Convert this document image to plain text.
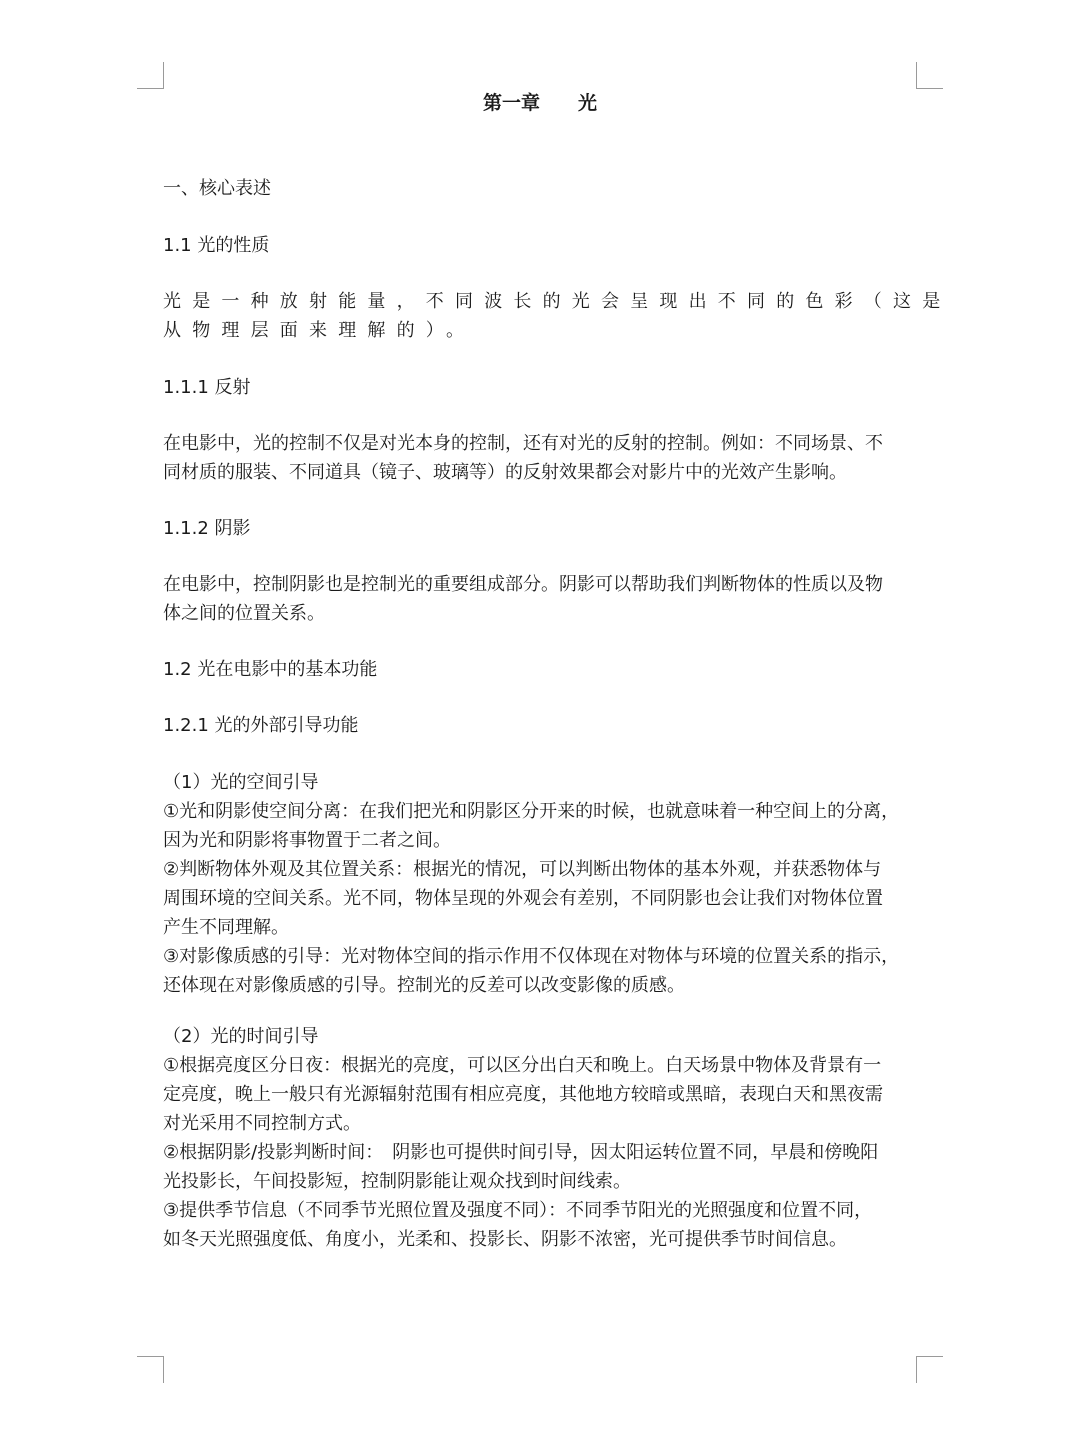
第一章　　光

一、核心表述

1.1 光的性质

光是一种放射能量，不同波长的光会呈现出不同的色彩（这是
从物理层面来理解的）。

1.1.1 反射

在电影中，光的控制不仅是对光本身的控制，还有对光的反射的控制。例如：不同场景、不
同材质的服装、不同道具（镜子、玻璃等）的反射效果都会对影片中的光效产生影响。

1.1.2 阴影

在电影中，控制阴影也是控制光的重要组成部分。阴影可以帮助我们判断物体的性质以及物
体之间的位置关系。

1.2 光在电影中的基本功能

1.2.1 光的外部引导功能

（1）光的空间引导
①光和阴影使空间分离：在我们把光和阴影区分开来的时候，也就意味着一种空间上的分离，
因为光和阴影将事物置于二者之间。
②判断物体外观及其位置关系：根据光的情况，可以判断出物体的基本外观，并获悉物体与
周围环境的空间关系。光不同，物体呈现的外观会有差别，不同阴影也会让我们对物体位置
产生不同理解。
③对影像质感的引导：光对物体空间的指示作用不仅体现在对物体与环境的位置关系的指示，
还体现在对影像质感的引导。控制光的反差可以改变影像的质感。
（2）光的时间引导
①根据亮度区分日夜：根据光的亮度，可以区分出白天和晚上。白天场景中物体及背景有一
定亮度，晚上一般只有光源辐射范围有相应亮度，其他地方较暗或黑暗，表现白天和黑夜需
对光采用不同控制方式。
②根据阴影/投影判断时间：　阴影也可提供时间引导，因太阳运转位置不同，早晨和傍晚阳
光投影长，午间投影短，控制阴影能让观众找到时间线索。
③提供季节信息（不同季节光照位置及强度不同）：不同季节阳光的光照强度和位置不同，
如冬天光照强度低、角度小，光柔和、投影长、阴影不浓密，光可提供季节时间信息。
